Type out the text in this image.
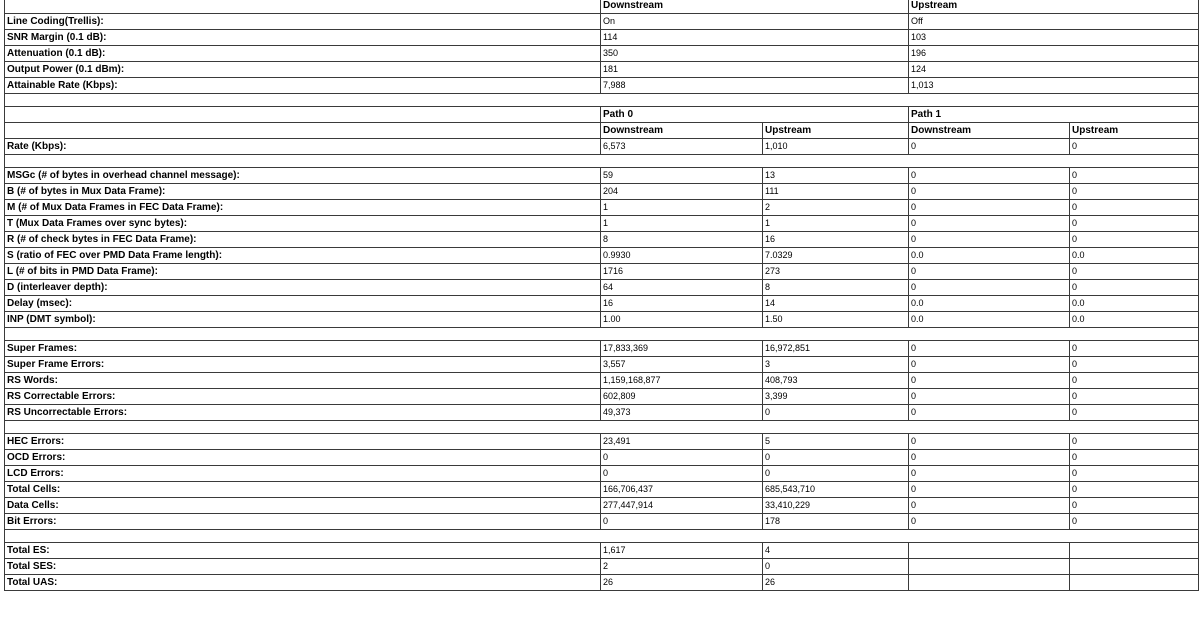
	Downstream		Upstream	
Line Coding(Trellis):	On		Off	
SNR Margin (0.1 dB):	114		103	
Attenuation (0.1 dB):	350		196	
Output Power (0.1 dBm):	181		124	
Attainable Rate (Kbps):	7,988		1,013	

	Path 0		Path 1	
	Downstream	Upstream	Downstream	Upstream
Rate (Kbps):	6,573	1,010	0	0

MSGc (# of bytes in overhead channel message):	59	13	0	0
B (# of bytes in Mux Data Frame):	204	111	0	0
M (# of Mux Data Frames in FEC Data Frame):	1	2	0	0
T (Mux Data Frames over sync bytes):	1	1	0	0
R (# of check bytes in FEC Data Frame):	8	16	0	0
S (ratio of FEC over PMD Data Frame length):	0.9930	7.0329	0.0	0.0
L (# of bits in PMD Data Frame):	1716	273	0	0
D (interleaver depth):	64	8	0	0
Delay (msec):	16	14	0.0	0.0
INP (DMT symbol):	1.00	1.50	0.0	0.0

Super Frames:	17,833,369	16,972,851	0	0
Super Frame Errors:	3,557	3	0	0
RS Words:	1,159,168,877	408,793	0	0
RS Correctable Errors:	602,809	3,399	0	0
RS Uncorrectable Errors:	49,373	0	0	0

HEC Errors:	23,491	5	0	0
OCD Errors:	0	0	0	0
LCD Errors:	0	0	0	0
Total Cells:	166,706,437	685,543,710	0	0
Data Cells:	277,447,914	33,410,229	0	0
Bit Errors:	0	178	0	0

Total ES:	1,617	4		
Total SES:	2	0		
Total UAS:	26	26		
